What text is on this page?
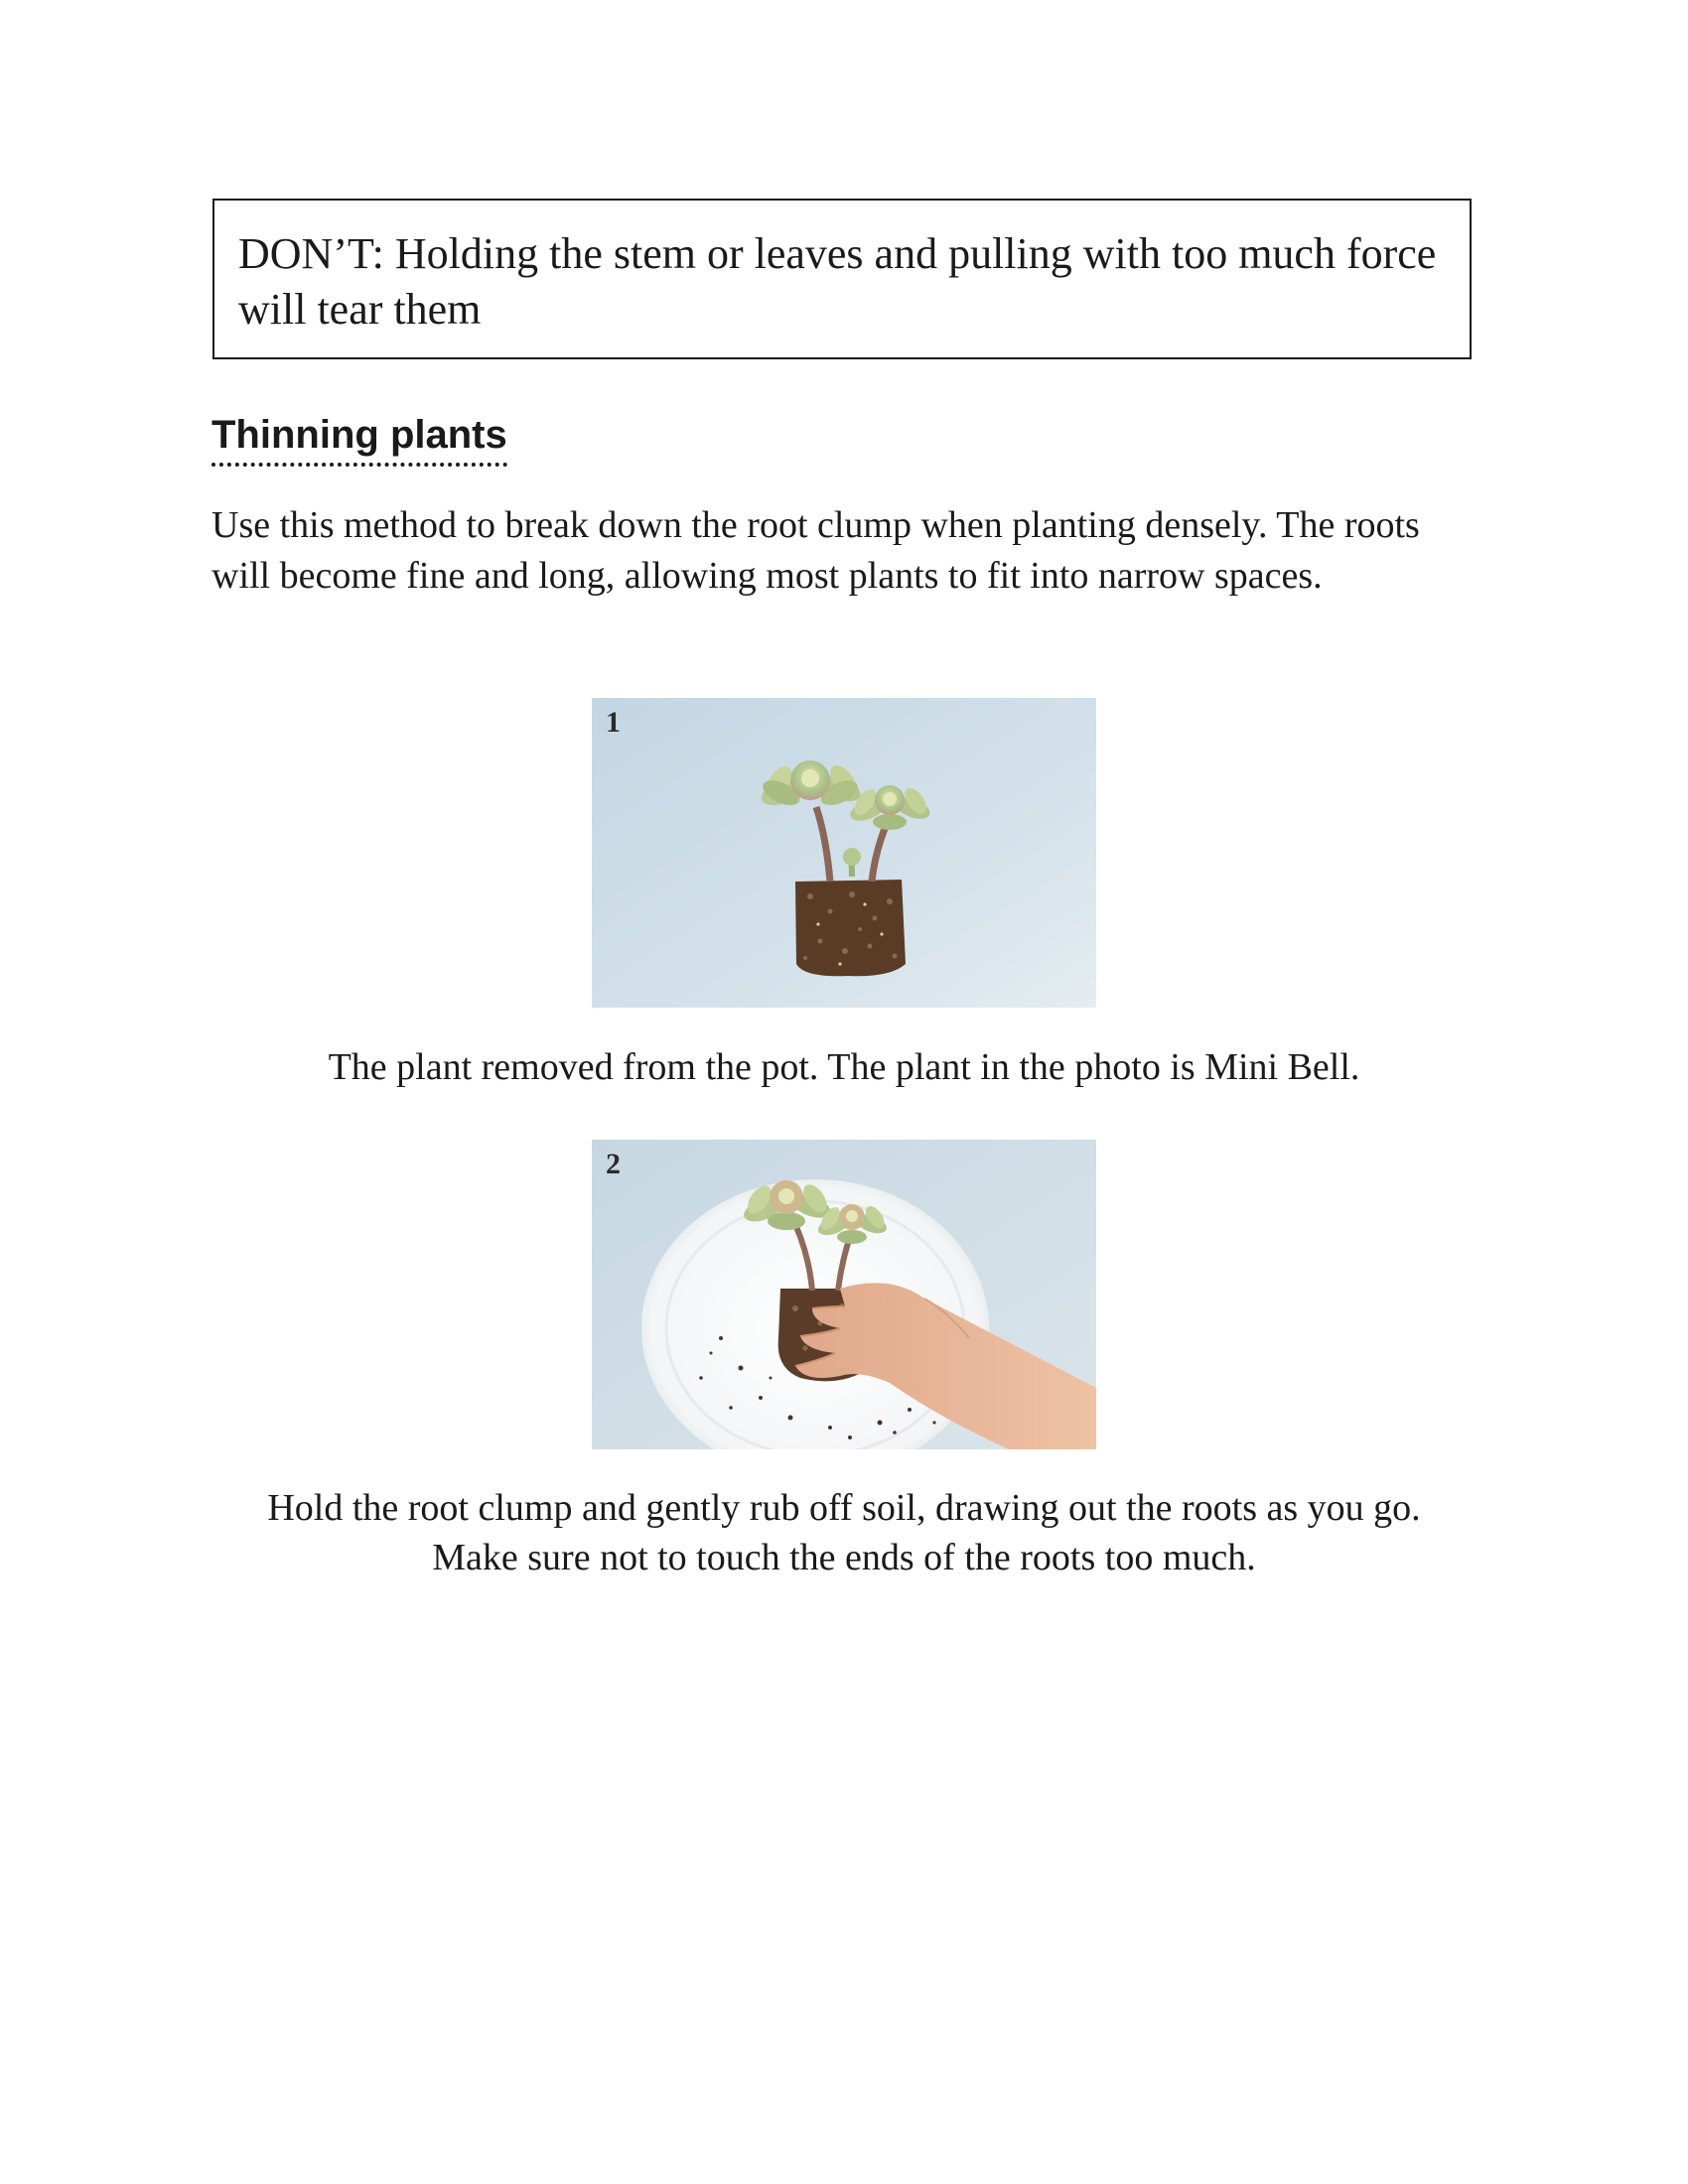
DON’T: Holding the stem or leaves and pulling with too much force will tear them
Thinning plants

Use this method to break down the root clump when planting densely. The roots will become fine and long, allowing most plants to fit into narrow spaces.

1

The plant removed from the pot. The plant in the photo is Mini Bell.

2

Hold the root clump and gently rub off soil, drawing out the roots as you go. Make sure not to touch the ends of the roots too much.
